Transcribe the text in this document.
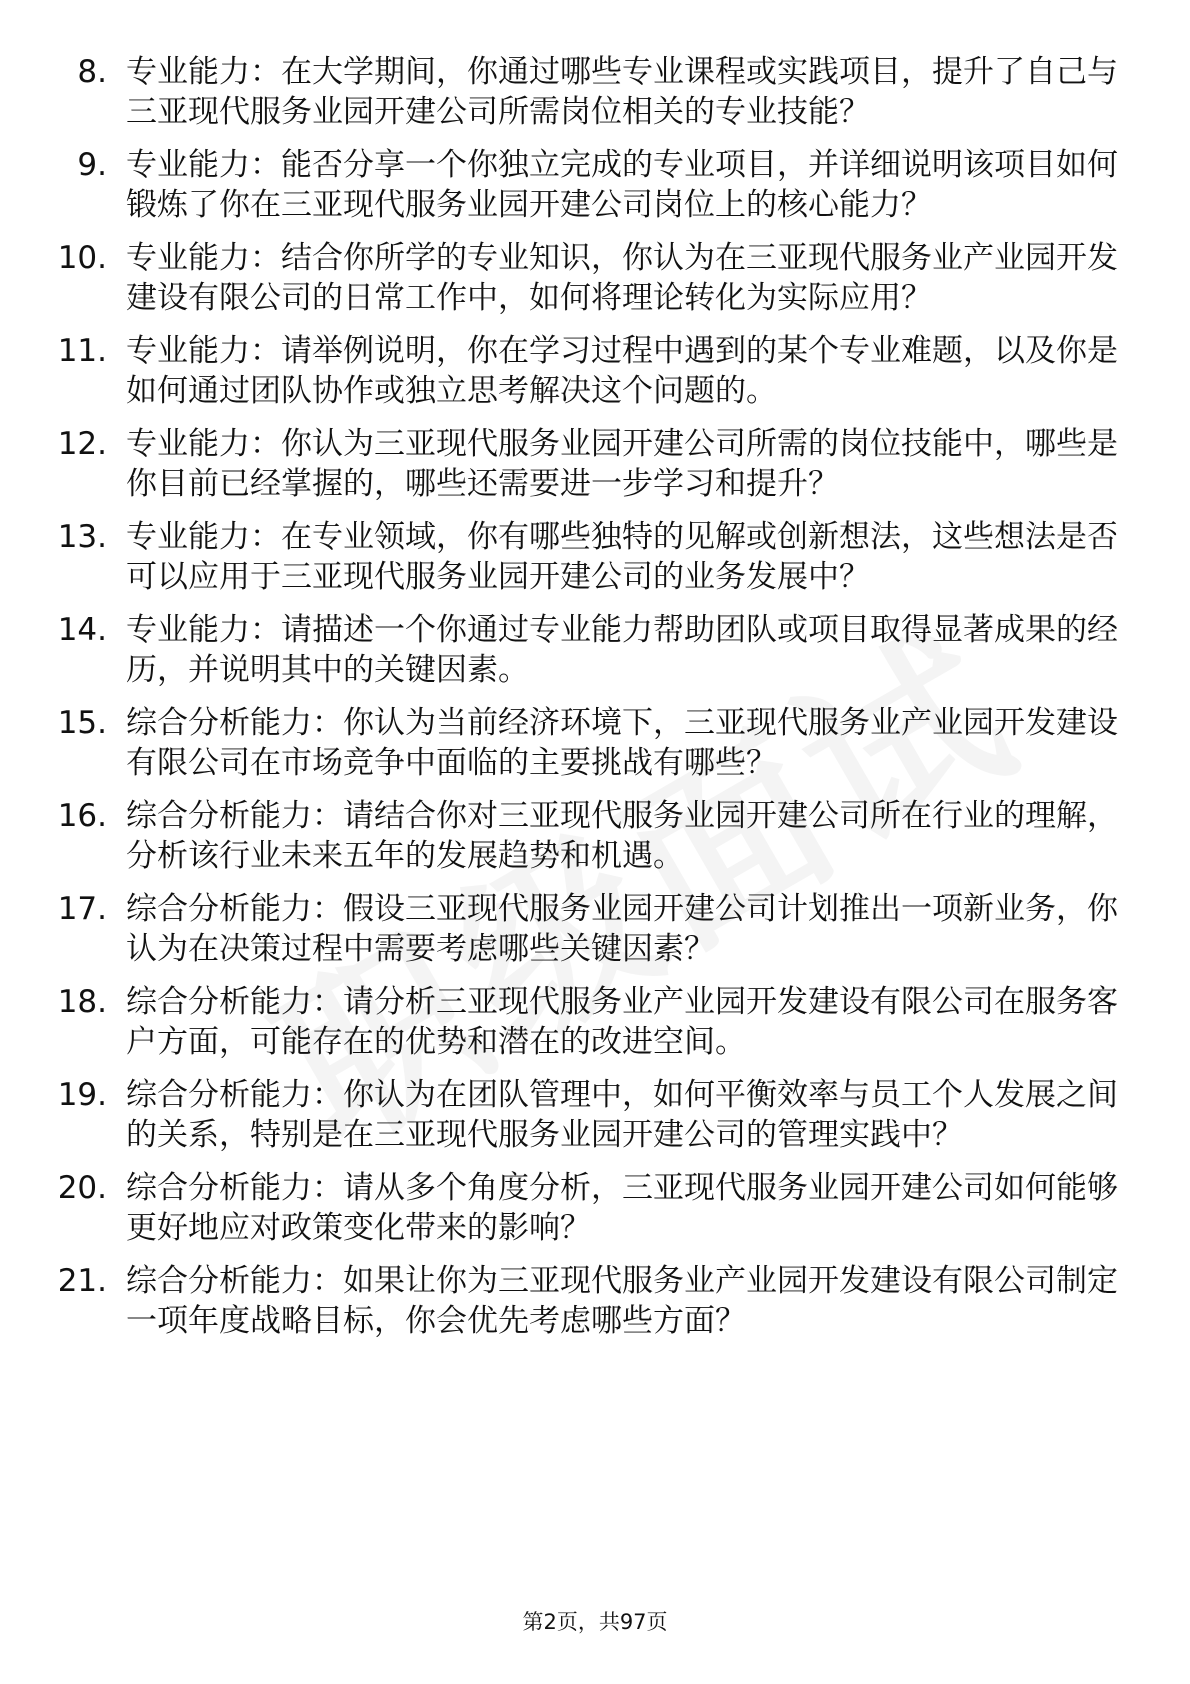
8. 专业能力：在大学期间，你通过哪些专业课程或实践项目，提升了自己与三亚现代服务业园开建公司所需岗位相关的专业技能？
9. 专业能力：能否分享一个你独立完成的专业项目，并详细说明该项目如何锻炼了你在三亚现代服务业园开建公司岗位上的核心能力？
10. 专业能力：结合你所学的专业知识，你认为在三亚现代服务业产业园开发建设有限公司的日常工作中，如何将理论转化为实际应用？
11. 专业能力：请举例说明，你在学习过程中遇到的某个专业难题，以及你是如何通过团队协作或独立思考解决这个问题的。
12. 专业能力：你认为三亚现代服务业园开建公司所需的岗位技能中，哪些是你目前已经掌握的，哪些还需要进一步学习和提升？
13. 专业能力：在专业领域，你有哪些独特的见解或创新想法，这些想法是否可以应用于三亚现代服务业园开建公司的业务发展中？
14. 专业能力：请描述一个你通过专业能力帮助团队或项目取得显著成果的经历，并说明其中的关键因素。
15. 综合分析能力：你认为当前经济环境下，三亚现代服务业产业园开发建设有限公司在市场竞争中面临的主要挑战有哪些？
16. 综合分析能力：请结合你对三亚现代服务业园开建公司所在行业的理解，分析该行业未来五年的发展趋势和机遇。
17. 综合分析能力：假设三亚现代服务业园开建公司计划推出一项新业务，你认为在决策过程中需要考虑哪些关键因素？
18. 综合分析能力：请分析三亚现代服务业产业园开发建设有限公司在服务客户方面，可能存在的优势和潜在的改进空间。
19. 综合分析能力：你认为在团队管理中，如何平衡效率与员工个人发展之间的关系，特别是在三亚现代服务业园开建公司的管理实践中？
20. 综合分析能力：请从多个角度分析，三亚现代服务业园开建公司如何能够更好地应对政策变化带来的影响？
21. 综合分析能力：如果让你为三亚现代服务业产业园开发建设有限公司制定一项年度战略目标，你会优先考虑哪些方面？
第2页，共97页
